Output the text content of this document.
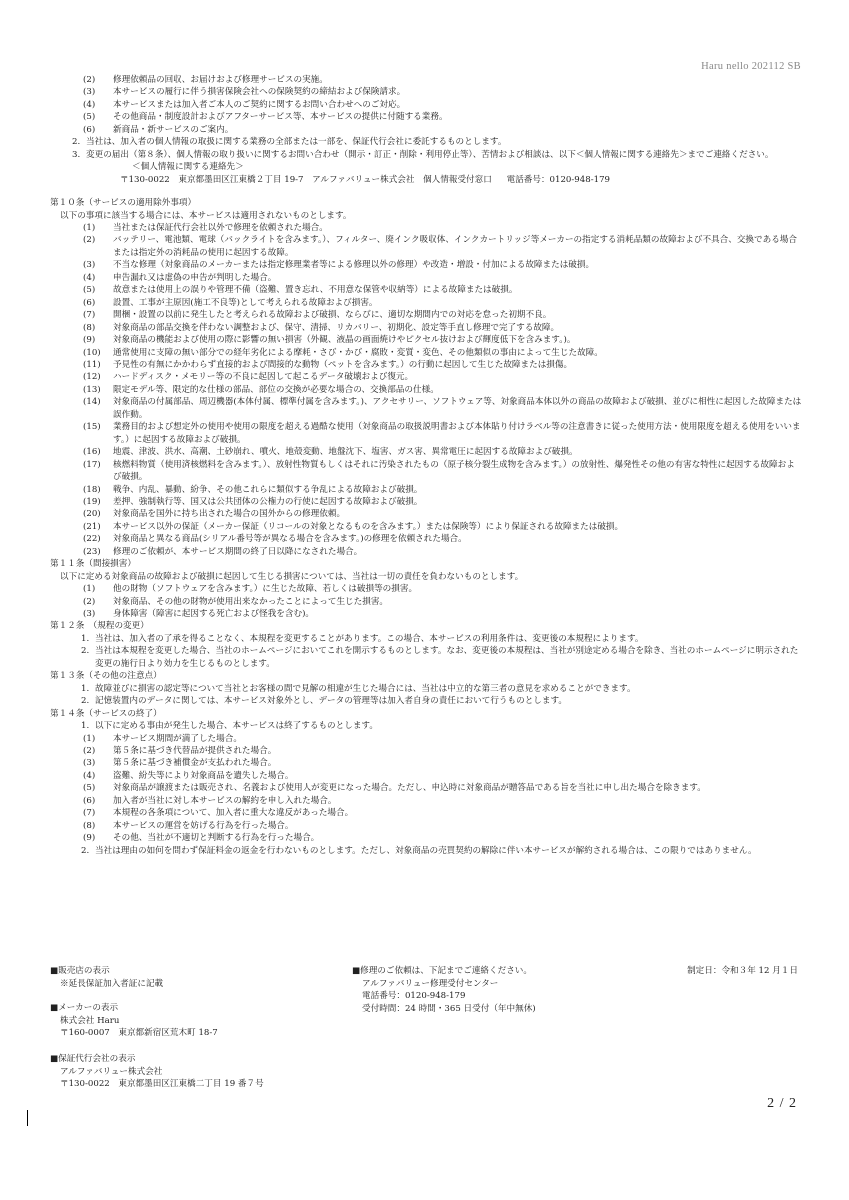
Haru nello 202112 SB
(2)	修理依頼品の回収、お届けおよび修理サービスの実施。
(3)	本サービスの履行に伴う損害保険会社への保険契約の締結および保険請求。
(4)	本サービスまたは加入者ご本人のご契約に関するお問い合わせへのご対応。
(5)	その他商品・制度設計およびアフターサービス等、本サービスの提供に付随する業務。
(6)	新商品・新サービスのご案内。
2. 当社は、加入者の個人情報の取扱に関する業務の全部または一部を、保証代行会社に委託するものとします。
3. 変更の届出（第８条）、個人情報の取り扱いに関するお問い合わせ（開示・訂正・削除・利用停止等）、苦情および相談は、以下＜個人情報に関する連絡先＞までご連絡ください。
＜個人情報に関する連絡先＞
〒130-0022　東京都墨田区江東橋２丁目 19-7　アルファバリュー株式会社　個人情報受付窓口 電話番号：0120-948-179
第１０条（サービスの適用除外事項）
以下の事項に該当する場合には、本サービスは適用されないものとします。
(1)	当社または保証代行会社以外で修理を依頼された場合。
(2)	バッテリー、電池類、電球（バックライトを含みます。）、フィルター、廃インク吸収体、インクカートリッジ等メーカーの指定する消耗品類の故障および不具合、交換である場合または指定外の消耗品の使用に起因する故障。
(3)	不当な修理（対象商品のメーカーまたは指定修理業者等による修理以外の修理）や改造・増設・付加による故障または破損。
(4)	申告漏れ又は虚偽の申告が判明した場合。
(5)	故意または使用上の誤りや管理不備（盗難、置き忘れ、不用意な保管や収納等）による故障または破損。
(6)	設置、工事が主原因(施工不良等)として考えられる故障および損害。
(7)	開梱・設置の以前に発生したと考えられる故障および破損、ならびに、適切な期間内での対応を怠った初期不良。
(8)	対象商品の部品交換を伴わない調整および、保守、清掃、リカバリー、初期化、設定等手直し修理で完了する故障。
(9)	対象商品の機能および使用の際に影響の無い損害（外観、液晶の画面焼けやピクセル抜けおよび輝度低下を含みます。)。
(10)	通常使用に支障の無い部分での経年劣化による摩耗・さび・かび・腐敗・変質・変色、その他類似の事由によって生じた故障。
(11)	予見性の有無にかかわらず直接的および間接的な動物（ペットを含みます。）の行動に起因して生じた故障または損傷。
(12)	ハードディスク・メモリー等の不良に起因して起こるデータ破壊および復元。
(13)	限定モデル等、限定的な仕様の部品、部位の交換が必要な場合の、交換部品の仕様。
(14)	対象商品の付属部品、周辺機器(本体付属、標準付属を含みます。)、アクセサリー、ソフトウェア等、対象商品本体以外の商品の故障および破損、並びに相性に起因した故障または誤作動。
(15)	業務目的および想定外の使用や使用の限度を超える過酷な使用（対象商品の取扱説明書および本体貼り付けラベル等の注意書きに従った使用方法・使用限度を超える使用をいいます。）に起因する故障および破損。
(16)	地震、津波、洪水、高潮、土砂崩れ、噴火、地殻変動、地盤沈下、塩害、ガス害、異常電圧に起因する故障および破損。
(17)	核燃料物質（使用済核燃料を含みます。）、放射性物質もしくはそれに汚染されたもの（原子核分裂生成物を含みます。）の放射性、爆発性その他の有害な特性に起因する故障および破損。
(18)	戦争、内乱、暴動、紛争、その他これらに類似する争乱による故障および破損。
(19)	差押、強制執行等、国又は公共団体の公権力の行使に起因する故障および破損。
(20)	対象商品を国外に持ち出された場合の国外からの修理依頼。
(21)	本サービス以外の保証（メーカー保証（リコールの対象となるものを含みます。）または保険等）により保証される故障または破損。
(22)	対象商品と異なる商品(シリアル番号等が異なる場合を含みます。)の修理を依頼された場合。
(23)	修理のご依頼が、本サービス期間の終了日以降になされた場合。
第１１条（間接損害）
以下に定める対象商品の故障および破損に起因して生じる損害については、当社は一切の責任を負わないものとします。
(1)	他の財物（ソフトウェアを含みます。）に生じた故障、若しくは破損等の損害。
(2)	対象商品、その他の財物が使用出来なかったことによって生じた損害。
(3)	身体障害（障害に起因する死亡および怪我を含む)。
第１２条　（規程の変更）
1. 当社は、加入者の了承を得ることなく、本規程を変更することがあります。この場合、本サービスの利用条件は、変更後の本規程によります。
2. 当社は本規程を変更した場合、当社のホームページにおいてこれを開示するものとします。なお、変更後の本規程は、当社が別途定める場合を除き、当社のホームページに明示された変更の施行日より効力を生じるものとします。
第１３条（その他の注意点）
1. 故障並びに損害の認定等について当社とお客様の間で見解の相違が生じた場合には、当社は中立的な第三者の意見を求めることができます。
2. 記憶装置内のデータに関しては、本サービス対象外とし、データの管理等は加入者自身の責任において行うものとします。
第１４条（サービスの終了）
1. 以下に定める事由が発生した場合、本サービスは終了するものとします。
(1)	本サービス期間が満了した場合。
(2)	第５条に基づき代替品が提供された場合。
(3)	第５条に基づき補償金が支払われた場合。
(4)	盗難、紛失等により対象商品を遺失した場合。
(5)	対象商品が譲渡または販売され、名義および使用人が変更になった場合。ただし、申込時に対象商品が贈答品である旨を当社に申し出た場合を除きます。
(6)	加入者が当社に対し本サービスの解約を申し入れた場合。
(7)	本規程の各条項について、加入者に重大な違反があった場合。
(8)	本サービスの運営を妨げる行為を行った場合。
(9)	その他、当社が不適切と判断する行為を行った場合。
2. 当社は理由の如何を問わず保証料金の返金を行わないものとします。ただし、対象商品の売買契約の解除に伴い本サービスが解約される場合は、この限りではありません。
■販売店の表示
※延長保証加入者証に記載
■修理のご依頼は、下記までご連絡ください。
アルファバリュー修理受付センター
電話番号：0120-948-179
受付時間：24 時間・365 日受付（年中無休)
制定日：令和３年 12 月１日
■メーカーの表示
株式会社 Haru
〒160-0007　東京都新宿区荒木町 18-7
■保証代行会社の表示
アルファバリュー株式会社
〒130-0022　東京都墨田区江東橋二丁目 19 番７号
2 / 2
